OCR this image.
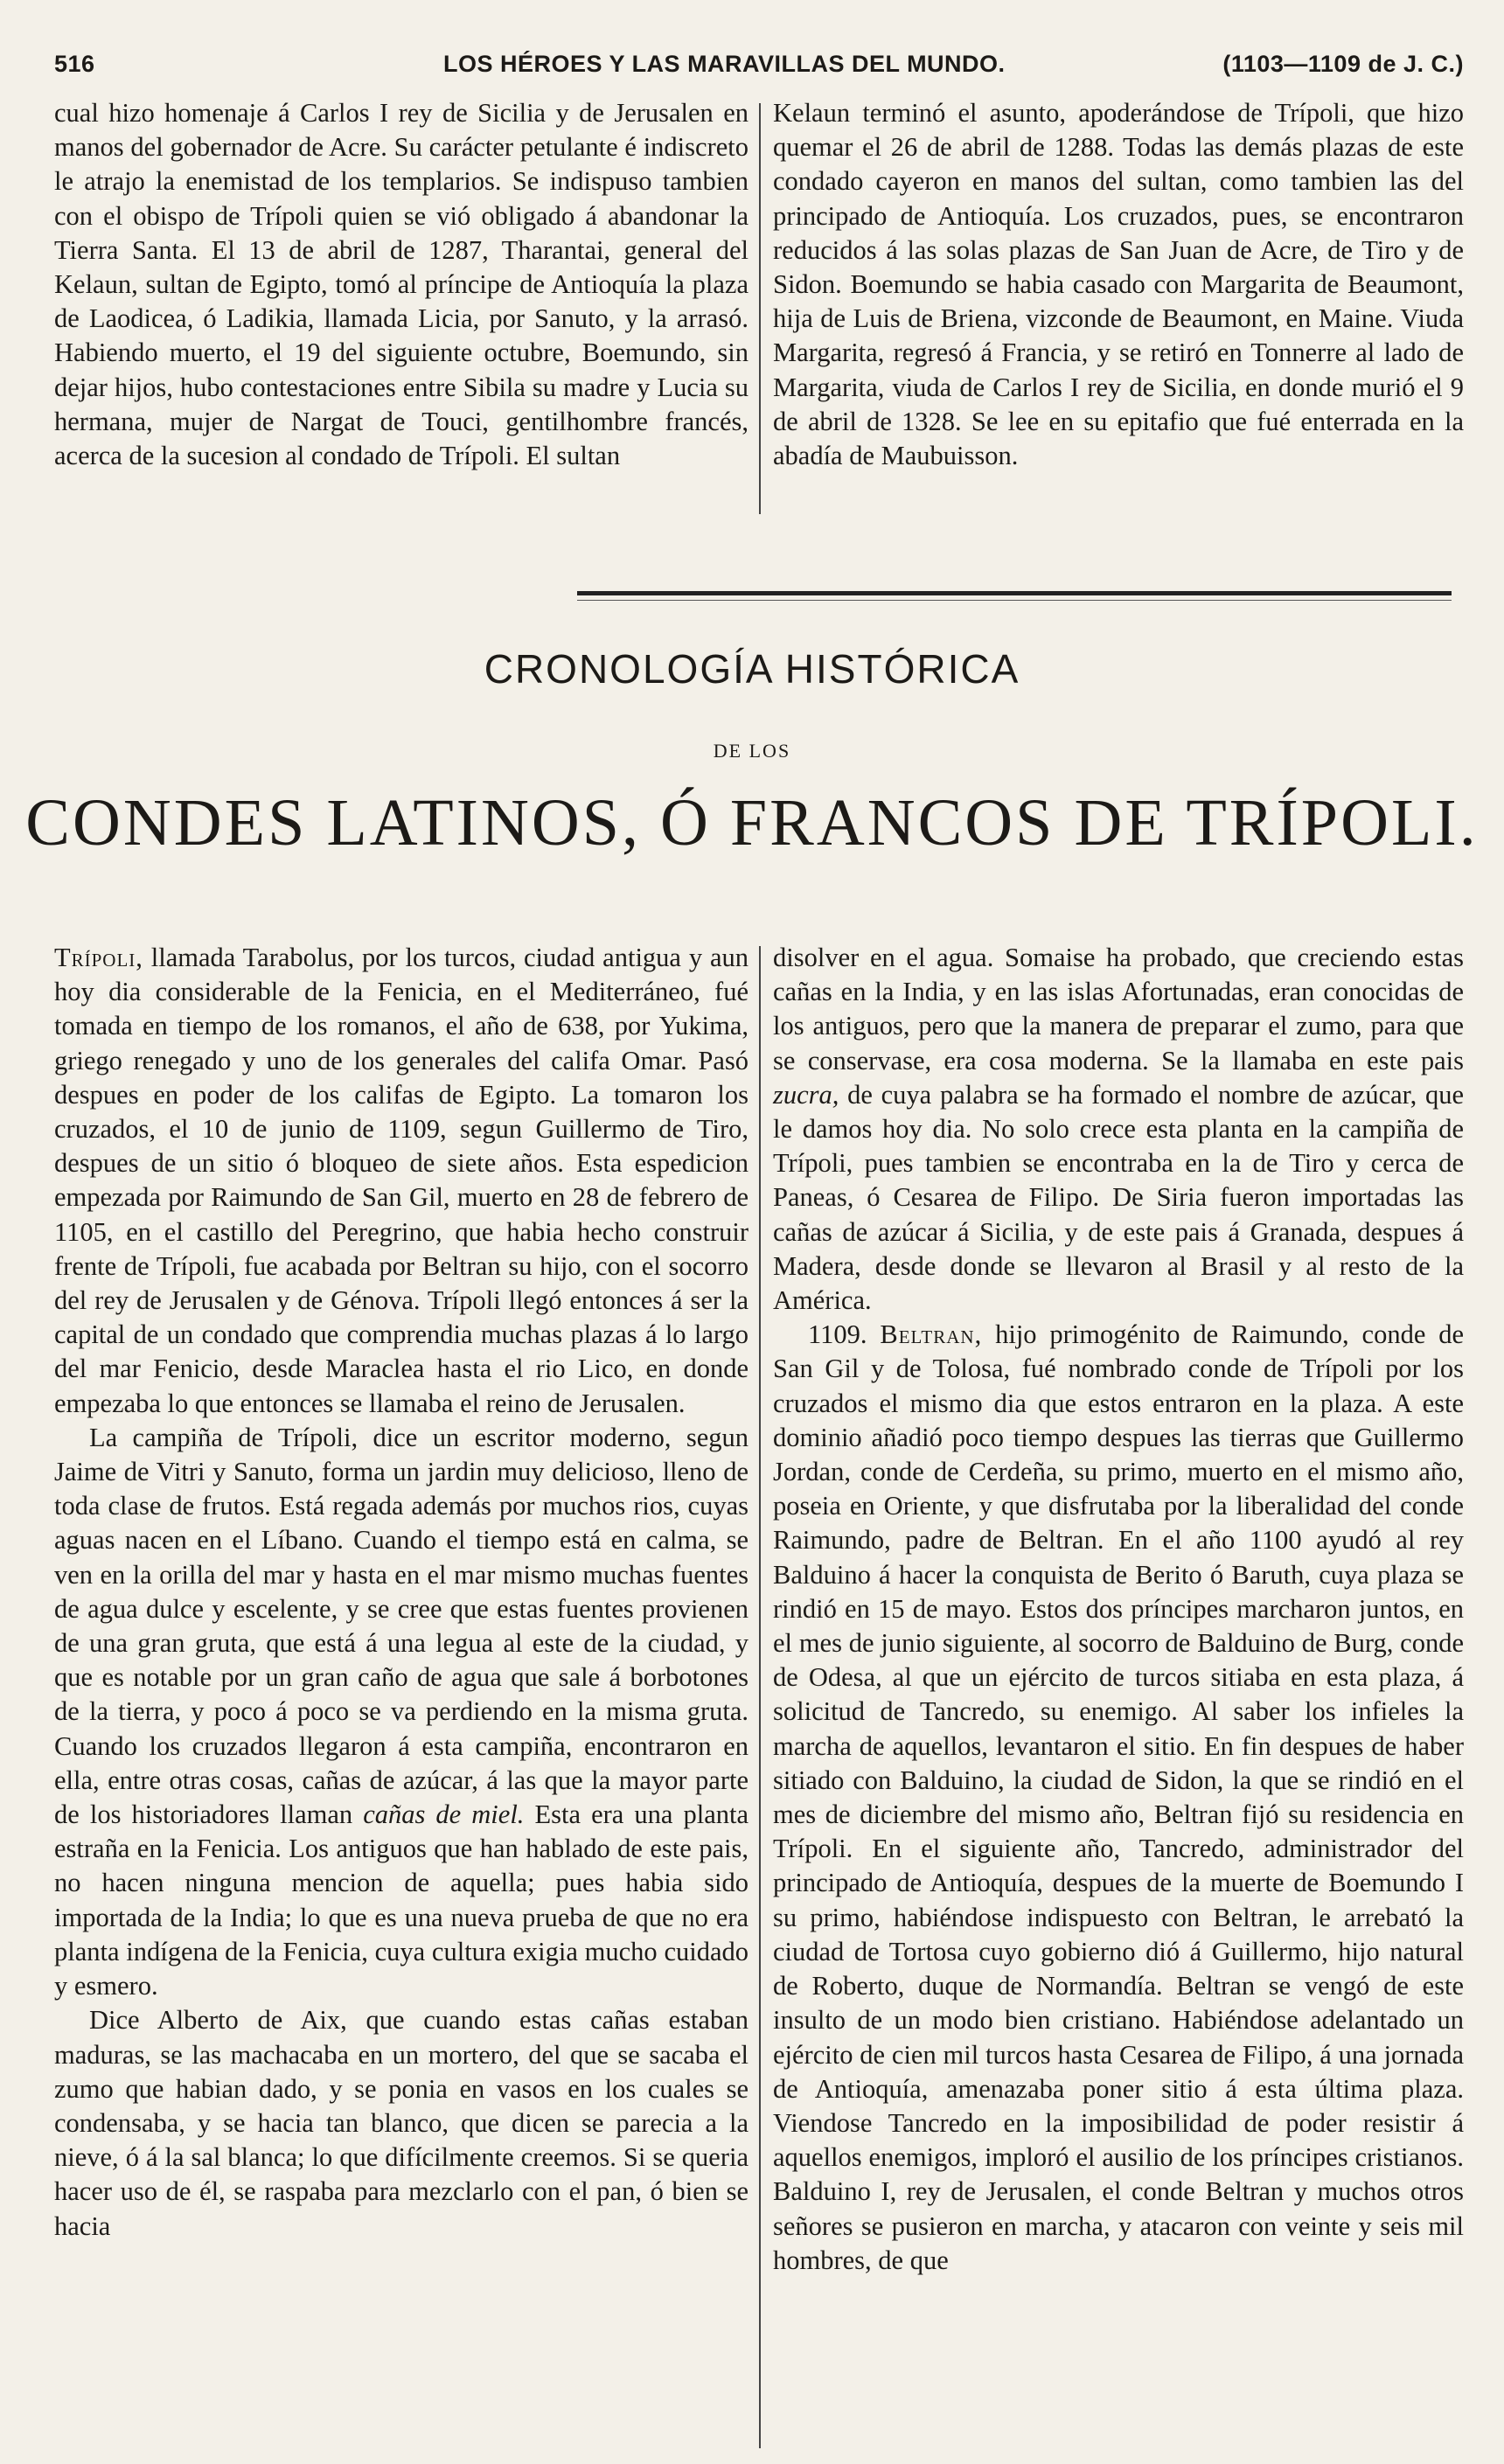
516	LOS HÉROES Y LAS MARAVILLAS DEL MUNDO.	(1103—1109 de J. C.)

cual hizo homenaje á Carlos I rey de Sicilia y de Jerusalen en manos del gobernador de Acre. Su carácter petulante é indiscreto le atrajo la enemistad de los templarios. Se indispuso tambien con el obispo de Trípoli quien se vió obligado á abandonar la Tierra Santa. El 13 de abril de 1287, Tharantai, general del Kelaun, sultan de Egipto, tomó al príncipe de Antioquía la plaza de Laodicea, ó Ladikia, llamada Licia, por Sanuto, y la arrasó. Habiendo muerto, el 19 del siguiente octubre, Boemundo, sin dejar hijos, hubo contestaciones entre Sibila su madre y Lucia su hermana, mujer de Nargat de Touci, gentilhombre francés, acerca de la sucesion al condado de Trípoli. El sultan

Kelaun terminó el asunto, apoderándose de Trípoli, que hizo quemar el 26 de abril de 1288. Todas las demás plazas de este condado cayeron en manos del sultan, como tambien las del principado de Antioquía. Los cruzados, pues, se encontraron reducidos á las solas plazas de San Juan de Acre, de Tiro y de Sidon. Boemundo se habia casado con Margarita de Beaumont, hija de Luis de Briena, vizconde de Beaumont, en Maine. Viuda Margarita, regresó á Francia, y se retiró en Tonnerre al lado de Margarita, viuda de Carlos I rey de Sicilia, en donde murió el 9 de abril de 1328. Se lee en su epitafio que fué enterrada en la abadía de Maubuisson.

CRONOLOGÍA HISTÓRICA
DE LOS
CONDES LATINOS, Ó FRANCOS DE TRÍPOLI.

Trípoli, llamada Tarabolus, por los turcos, ciudad antigua y aun hoy dia considerable de la Fenicia, en el Mediterráneo, fué tomada en tiempo de los romanos, el año de 638, por Yukima, griego renegado y uno de los generales del califa Omar. Pasó despues en poder de los califas de Egipto. La tomaron los cruzados, el 10 de junio de 1109, segun Guillermo de Tiro, despues de un sitio ó bloqueo de siete años. Esta espedicion empezada por Raimundo de San Gil, muerto en 28 de febrero de 1105, en el castillo del Peregrino, que habia hecho construir frente de Trípoli, fue acabada por Beltran su hijo, con el socorro del rey de Jerusalen y de Génova. Trípoli llegó entonces á ser la capital de un condado que comprendia muchas plazas á lo largo del mar Fenicio, desde Maraclea hasta el rio Lico, en donde empezaba lo que entonces se llamaba el reino de Jerusalen.

La campiña de Trípoli, dice un escritor moderno, segun Jaime de Vitri y Sanuto, forma un jardin muy delicioso, lleno de toda clase de frutos. Está regada además por muchos rios, cuyas aguas nacen en el Líbano. Cuando el tiempo está en calma, se ven en la orilla del mar y hasta en el mar mismo muchas fuentes de agua dulce y escelente, y se cree que estas fuentes provienen de una gran gruta, que está á una legua al este de la ciudad, y que es notable por un gran caño de agua que sale á borbotones de la tierra, y poco á poco se va perdiendo en la misma gruta. Cuando los cruzados llegaron á esta campiña, encontraron en ella, entre otras cosas, cañas de azúcar, á las que la mayor parte de los historiadores llaman cañas de miel. Esta era una planta estraña en la Fenicia. Los antiguos que han hablado de este pais, no hacen ninguna mencion de aquella; pues habia sido importada de la India; lo que es una nueva prueba de que no era planta indígena de la Fenicia, cuya cultura exigia mucho cuidado y esmero.

Dice Alberto de Aix, que cuando estas cañas estaban maduras, se las machacaba en un mortero, del que se sacaba el zumo que habian dado, y se ponia en vasos en los cuales se condensaba, y se hacia tan blanco, que dicen se parecia a la nieve, ó á la sal blanca; lo que difícilmente creemos. Si se queria hacer uso de él, se raspaba para mezclarlo con el pan, ó bien se hacia

disolver en el agua. Somaise ha probado, que creciendo estas cañas en la India, y en las islas Afortunadas, eran conocidas de los antiguos, pero que la manera de preparar el zumo, para que se conservase, era cosa moderna. Se la llamaba en este pais zucra, de cuya palabra se ha formado el nombre de azúcar, que le damos hoy dia. No solo crece esta planta en la campiña de Trípoli, pues tambien se encontraba en la de Tiro y cerca de Paneas, ó Cesarea de Filipo. De Siria fueron importadas las cañas de azúcar á Sicilia, y de este pais á Granada, despues á Madera, desde donde se llevaron al Brasil y al resto de la América.

1109. Beltran, hijo primogénito de Raimundo, conde de San Gil y de Tolosa, fué nombrado conde de Trípoli por los cruzados el mismo dia que estos entraron en la plaza. A este dominio añadió poco tiempo despues las tierras que Guillermo Jordan, conde de Cerdeña, su primo, muerto en el mismo año, poseia en Oriente, y que disfrutaba por la liberalidad del conde Raimundo, padre de Beltran. En el año 1100 ayudó al rey Balduino á hacer la conquista de Berito ó Baruth, cuya plaza se rindió en 15 de mayo. Estos dos príncipes marcharon juntos, en el mes de junio siguiente, al socorro de Balduino de Burg, conde de Odesa, al que un ejército de turcos sitiaba en esta plaza, á solicitud de Tancredo, su enemigo. Al saber los infieles la marcha de aquellos, levantaron el sitio. En fin despues de haber sitiado con Balduino, la ciudad de Sidon, la que se rindió en el mes de diciembre del mismo año, Beltran fijó su residencia en Trípoli. En el siguiente año, Tancredo, administrador del principado de Antioquía, despues de la muerte de Boemundo I su primo, habiéndose indispuesto con Beltran, le arrebató la ciudad de Tortosa cuyo gobierno dió á Guillermo, hijo natural de Roberto, duque de Normandía. Beltran se vengó de este insulto de un modo bien cristiano. Habiéndose adelantado un ejército de cien mil turcos hasta Cesarea de Filipo, á una jornada de Antioquía, amenazaba poner sitio á esta última plaza. Viendose Tancredo en la imposibilidad de poder resistir á aquellos enemigos, imploró el ausilio de los príncipes cristianos. Balduino I, rey de Jerusalen, el conde Beltran y muchos otros señores se pusieron en marcha, y atacaron con veinte y seis mil hombres, de que
